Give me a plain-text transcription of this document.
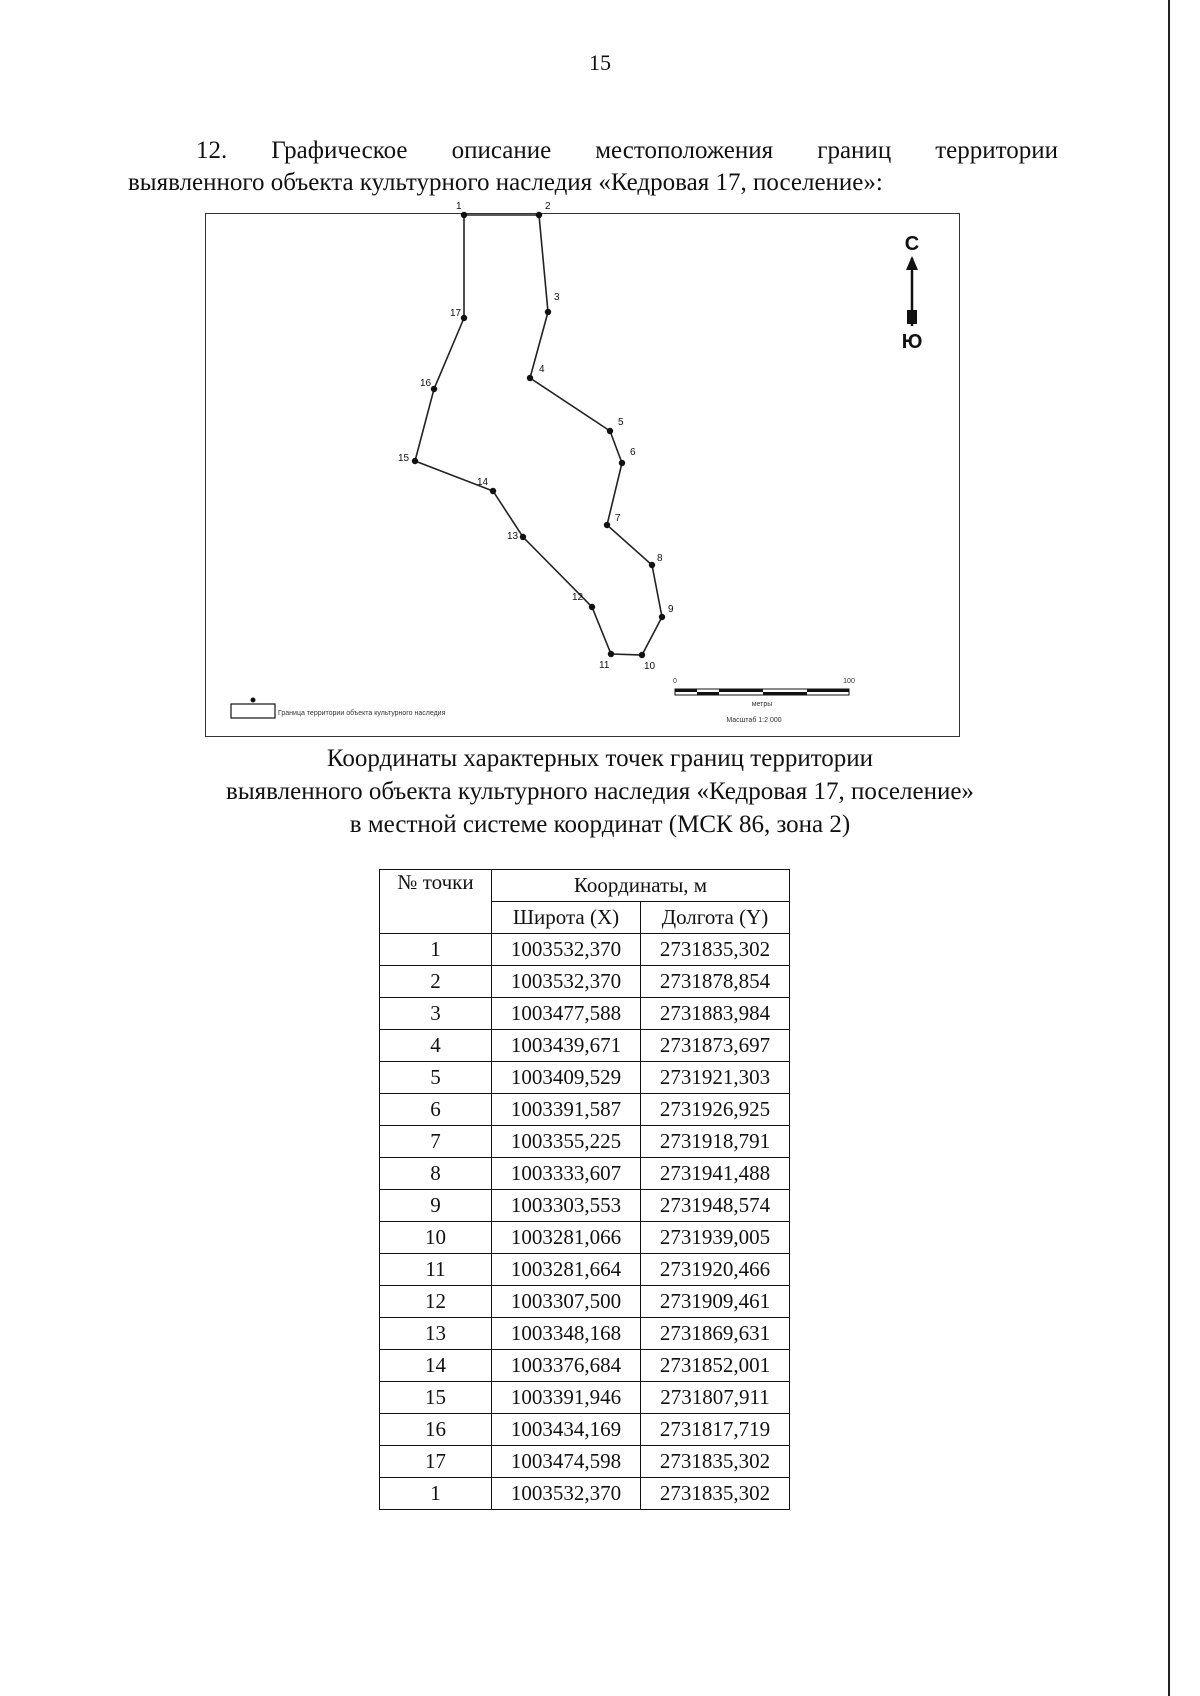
15
12. Графическое описание местоположения границ территории
выявленного объекта культурного наследия «Кедровая 17, поселение»:
1	2
3
4
5
6
7
8
9
10
11
12
13
14
15
16
17
С
Ю
0	100
метры
Масштаб 1:2 000
Граница территории объекта культурного наследия
Координаты характерных точек границ территории
выявленного объекта культурного наследия «Кедровая 17, поселение»
в местной системе координат (МСК 86, зона 2)
№ точки	Координаты, м	
	Широта (X)	Долгота (Y)
1	1003532,370	2731835,302
2	1003532,370	2731878,854
3	1003477,588	2731883,984
4	1003439,671	2731873,697
5	1003409,529	2731921,303
6	1003391,587	2731926,925
7	1003355,225	2731918,791
8	1003333,607	2731941,488
9	1003303,553	2731948,574
10	1003281,066	2731939,005
11	1003281,664	2731920,466
12	1003307,500	2731909,461
13	1003348,168	2731869,631
14	1003376,684	2731852,001
15	1003391,946	2731807,911
16	1003434,169	2731817,719
17	1003474,598	2731835,302
1	1003532,370	2731835,302
